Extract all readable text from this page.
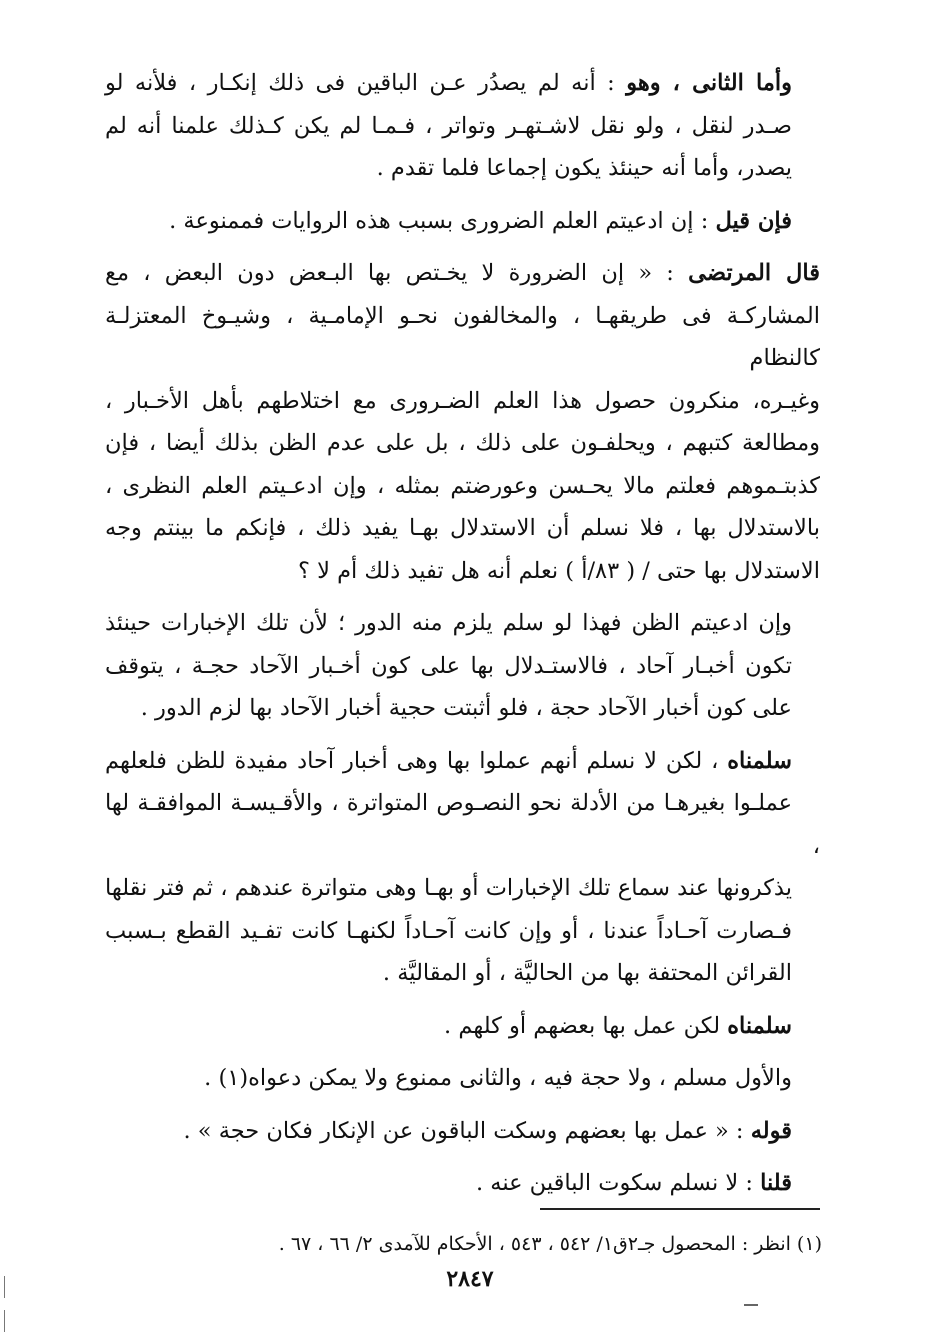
وأما الثانى ، وهو : أنه لم يصدُر عـن الباقين فى ذلك إنكـار ، فلأنه لو
صـدر لنقل ، ولو نقل لاشـتهـر وتواتر ، فـمـا لم يكن كـذلك علمنا أنه لم
يصدر، وأما أنه حينئذ يكون إجماعا فلما تقدم .

فإن قيل : إن ادعيتم العلم الضرورى بسبب هذه الروايات فممنوعة .

قال المرتضى : « إن الضرورة لا يخـتص بها البـعض دون البعض ، مع
المشاركـة فى طريقهـا ، والمخالفون نحـو الإمامـية ، وشيـوخ المعتزلـة كالنظام
وغيـره، منكرون حصول هذا العلم الضـرورى مع اختلاطهم بأهل الأخـبار ،
ومطالعة كتبهم ، ويحلفـون على ذلك ، بل على عدم الظن بذلك أيضا ، فإن
كذبتـموهم فعلتم مالا يحـسن وعورضتم بمثله ، وإن ادعـيتم العلم النظرى ،
بالاستدلال بها ، فلا نسلم أن الاستدلال بهـا يفيد ذلك ، فإنكم ما بينتم وجه
الاستدلال بها حتى / ( ٨٣/أ ) نعلم أنه هل تفيد ذلك أم لا ؟

وإن ادعيتم الظن فهذا لو سلم يلزم منه الدور ؛ لأن تلك الإخبارات حينئذ
تكون أخبـار آحاد ، فالاستـدلال بها على كون أخـبار الآحاد حجـة ، يتوقف
على كون أخبار الآحاد حجة ، فلو أثبتت حجية أخبار الآحاد بها لزم الدور .

سلمناه ، لكن لا نسلم أنهم عملوا بها وهى أخبار آحاد مفيدة للظن فلعلهم
عملـوا بغيرهـا من الأدلة نحو النصـوص المتواترة ، والأقـيسـة الموافقـة لها ،
يذكرونها عند سماع تلك الإخبارات أو بهـا وهى متواترة عندهم ، ثم فتر نقلها
فـصارت آحـاداً عندنا ، أو وإن كانت آحـاداً لكنهـا كانت تفـيد القطع بـسبب
القرائن المحتفة بها من الحاليَّة ، أو المقاليَّة .

سلمناه لكن عمل بها بعضهم أو كلهم .

والأول مسلم ، ولا حجة فيه ، والثانى ممنوع ولا يمكن دعواه(١) .

قوله : « عمل بها بعضهم وسكت الباقون عن الإنكار فكان حجة » .

قلنا : لا نسلم سكوت الباقين عنه .

(١) انظر : المحصول جـ٢ق١/ ٥٤٢ ، ٥٤٣ ، الأحكام للآمدى ٢/ ٦٦ ، ٦٧ .
٢٨٤٧
